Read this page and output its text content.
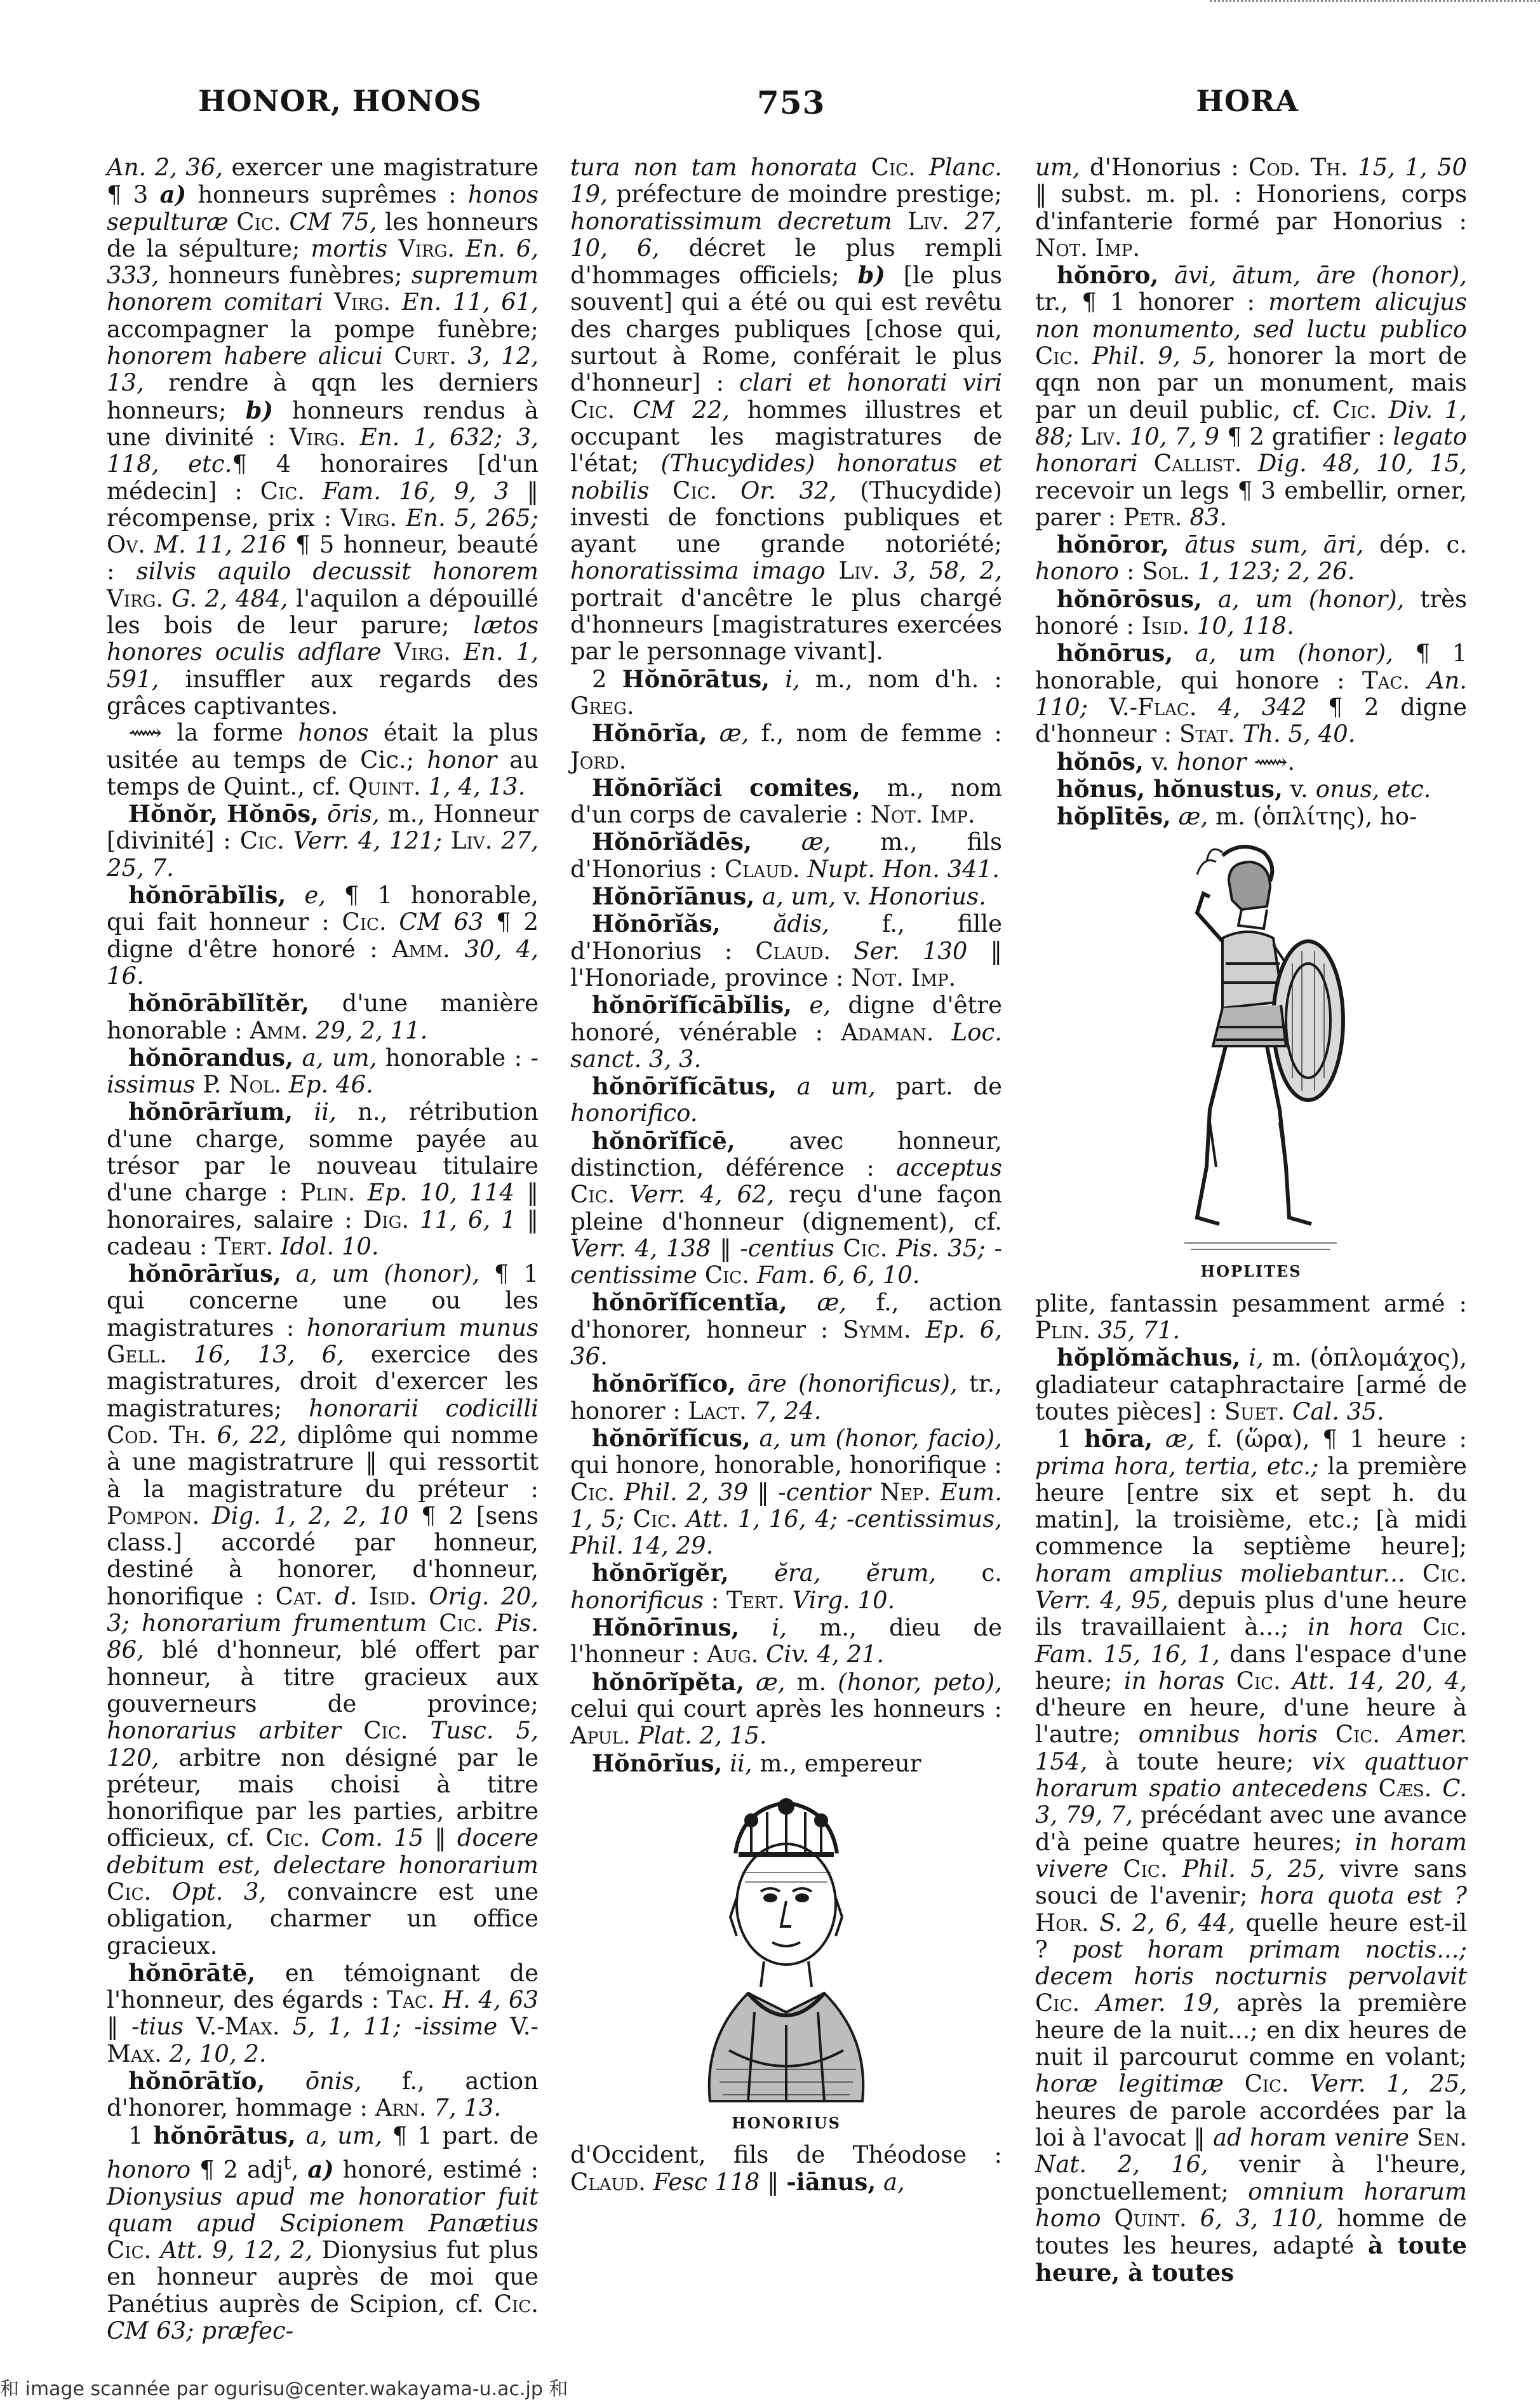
HONOR, HONOS	753	HORA

An. 2, 36, exercer une magistrature ¶ 3 a) honneurs suprêmes : honos sepulturæ Cic. CM 75, les honneurs de la sépulture; mortis Virg. En. 6, 333, honneurs funèbres; supremum honorem comitari Virg. En. 11, 61, accompagner la pompe funèbre; honorem habere alicui Curt. 3, 12, 13, rendre à qqn les derniers honneurs; b) honneurs rendus à une divinité : Virg. En. 1, 632; 3, 118, etc.¶ 4 honoraires [d'un médecin] : Cic. Fam. 16, 9, 3 ‖ récompense, prix : Virg. En. 5, 265; Ov. M. 11, 216 ¶ 5 honneur, beauté : silvis aquilo decussit honorem Virg. G. 2, 484, l'aquilon a dépouillé les bois de leur parure; lætos honores oculis adflare Virg. En. 1, 591, insuffler aux regards des grâces captivantes.

⟿ la forme honos était la plus usitée au temps de Cic.; honor au temps de Quint., cf. Quint. 1, 4, 13.

Hŏnŏr, Hŏnōs, ōris, m., Honneur [divinité] : Cic. Verr. 4, 121; Liv. 27, 25, 7.

hŏnōrābĭlis, e, ¶ 1 honorable, qui fait honneur : Cic. CM 63 ¶ 2 digne d'être honoré : Amm. 30, 4, 16.

hŏnōrābĭlĭtĕr, d'une manière honorable : Amm. 29, 2, 11.

hŏnōrandus, a, um, honorable : -issimus P. Nol. Ep. 46.

hŏnōrārĭum, ii, n., rétribution d'une charge, somme payée au trésor par le nouveau titulaire d'une charge : Plin. Ep. 10, 114 ‖ honoraires, salaire : Dig. 11, 6, 1 ‖ cadeau : Tert. Idol. 10.

hŏnōrārĭus, a, um (honor), ¶ 1 qui concerne une ou les magistratures : honorarium munus Gell. 16, 13, 6, exercice des magistratures, droit d'exercer les magistratures; honorarii codicilli Cod. Th. 6, 22, diplôme qui nomme à une magistratrure ‖ qui ressortit à la magistrature du préteur : Pompon. Dig. 1, 2, 2, 10 ¶ 2 [sens class.] accordé par honneur, destiné à honorer, d'honneur, honorifique : Cat. d. Isid. Orig. 20, 3; honorarium frumentum Cic. Pis. 86, blé d'honneur, blé offert par honneur, à titre gracieux aux gouverneurs de province; honorarius arbiter Cic. Tusc. 5, 120, arbitre non désigné par le préteur, mais choisi à titre honorifique par les parties, arbitre officieux, cf. Cic. Com. 15 ‖ docere debitum est, delectare honorarium Cic. Opt. 3, convaincre est une obligation, charmer un office gracieux.

hŏnōrātē, en témoignant de l'honneur, des égards : Tac. H. 4, 63 ‖ -tius V.-Max. 5, 1, 11; -issime V.-Max. 2, 10, 2.

hŏnōrātĭo, ōnis, f., action d'honorer, hommage : Arn. 7, 13.

1 hŏnōrātus, a, um, ¶ 1 part. de honoro ¶ 2 adj$^t$, a) honoré, estimé : Dionysius apud me honoratior fuit quam apud Scipionem Panætius Cic. Att. 9, 12, 2, Dionysius fut plus en honneur auprès de moi que Panétius auprès de Scipion, cf. Cic. CM 63; præfec-

tura non tam honorata Cic. Planc. 19, préfecture de moindre prestige; honoratissimum decretum Liv. 27, 10, 6, décret le plus rempli d'hommages officiels; b) [le plus souvent] qui a été ou qui est revêtu des charges publiques [chose qui, surtout à Rome, conférait le plus d'honneur] : clari et honorati viri Cic. CM 22, hommes illustres et occupant les magistratures de l'état; (Thucydides) honoratus et nobilis Cic. Or. 32, (Thucydide) investi de fonctions publiques et ayant une grande notoriété; honoratissima imago Liv. 3, 58, 2, portrait d'ancêtre le plus chargé d'honneurs [magistratures exercées par le personnage vivant].

2 Hŏnōrātus, i, m., nom d'h. : Greg.

Hŏnōrĭa, æ, f., nom de femme : Jord.

Hŏnōrĭăci comites, m., nom d'un corps de cavalerie : Not. Imp.

Hŏnōrĭădēs, æ, m., fils d'Honorius : Claud. Nupt. Hon. 341.

Hŏnōrĭānus, a, um, v. Honorius.

Hŏnōrĭăs, ădis, f., fille d'Honorius : Claud. Ser. 130 ‖ l'Honoriade, province : Not. Imp.

hŏnōrĭfĭcābĭlis, e, digne d'être honoré, vénérable : Adaman. Loc. sanct. 3, 3.

hŏnōrĭfĭcātus, a um, part. de honorifico.

hŏnōrĭfĭcē, avec honneur, distinction, déférence : acceptus Cic. Verr. 4, 62, reçu d'une façon pleine d'honneur (dignement), cf. Verr. 4, 138 ‖ -centius Cic. Pis. 35; -centissime Cic. Fam. 6, 6, 10.

hŏnōrĭfĭcentĭa, æ, f., action d'honorer, honneur : Symm. Ep. 6, 36.

hŏnōrĭfĭco, āre (honorificus), tr., honorer : Lact. 7, 24.

hŏnōrĭfĭcus, a, um (honor, facio), qui honore, honorable, honorifique : Cic. Phil. 2, 39 ‖ -centior Nep. Eum. 1, 5; Cic. Att. 1, 16, 4; -centissimus, Phil. 14, 29.

hŏnōrĭgĕr, ĕra, ĕrum, c. honorificus : Tert. Virg. 10.

Hŏnōrīnus, i, m., dieu de l'honneur : Aug. Civ. 4, 21.

hŏnōrĭpĕta, æ, m. (honor, peto), celui qui court après les honneurs : Apul. Plat. 2, 15.

Hŏnōrĭus, ii, m., empereur

HONORIUS

d'Occident, fils de Théodose : Claud. Fesc 118 ‖ -iānus, a,

um, d'Honorius : Cod. Th. 15, 1, 50 ‖ subst. m. pl. : Honoriens, corps d'infanterie formé par Honorius : Not. Imp.

hŏnōro, āvi, ātum, āre (honor), tr., ¶ 1 honorer : mortem alicujus non monumento, sed luctu publico Cic. Phil. 9, 5, honorer la mort de qqn non par un monument, mais par un deuil public, cf. Cic. Div. 1, 88; Liv. 10, 7, 9 ¶ 2 gratifier : legato honorari Callist. Dig. 48, 10, 15, recevoir un legs ¶ 3 embellir, orner, parer : Petr. 83.

hŏnōror, ātus sum, āri, dép. c. honoro : Sol. 1, 123; 2, 26.

hŏnōrōsus, a, um (honor), très honoré : Isid. 10, 118.

hŏnōrus, a, um (honor), ¶ 1 honorable, qui honore : Tac. An. 110; V.-Flac. 4, 342 ¶ 2 digne d'honneur : Stat. Th. 5, 40.

hŏnōs, v. honor ⟿.

hŏnus, hŏnustus, v. onus, etc.

hŏplītēs, æ, m. (ὁπλίτης), ho-

HOPLITES

plite, fantassin pesamment armé : Plin. 35, 71.

hŏplŏmăchus, i, m. (ὁπλομάχος), gladiateur cataphractaire [armé de toutes pièces] : Suet. Cal. 35.

1 hōra, æ, f. (ὥρα), ¶ 1 heure : prima hora, tertia, etc.; la première heure [entre six et sept h. du matin], la troisième, etc.; [à midi commence la septième heure]; horam amplius moliebantur... Cic. Verr. 4, 95, depuis plus d'une heure ils travaillaient à...; in hora Cic. Fam. 15, 16, 1, dans l'espace d'une heure; in horas Cic. Att. 14, 20, 4, d'heure en heure, d'une heure à l'autre; omnibus horis Cic. Amer. 154, à toute heure; vix quattuor horarum spatio antecedens Cæs. C. 3, 79, 7, précédant avec une avance d'à peine quatre heures; in horam vivere Cic. Phil. 5, 25, vivre sans souci de l'avenir; hora quota est ? Hor. S. 2, 6, 44, quelle heure est-il ? post horam primam noctis...; decem horis nocturnis pervolavit Cic. Amer. 19, après la première heure de la nuit...; en dix heures de nuit il parcourut comme en volant; horæ legitimæ Cic. Verr. 1, 25, heures de parole accordées par la loi à l'avocat ‖ ad horam venire Sen. Nat. 2, 16, venir à l'heure, ponctuellement; omnium horarum homo Quint. 6, 3, 110, homme de toutes les heures, adapté à toute heure, à toutes

和 image scannée par ogurisu@center.wakayama-u.ac.jp 和
